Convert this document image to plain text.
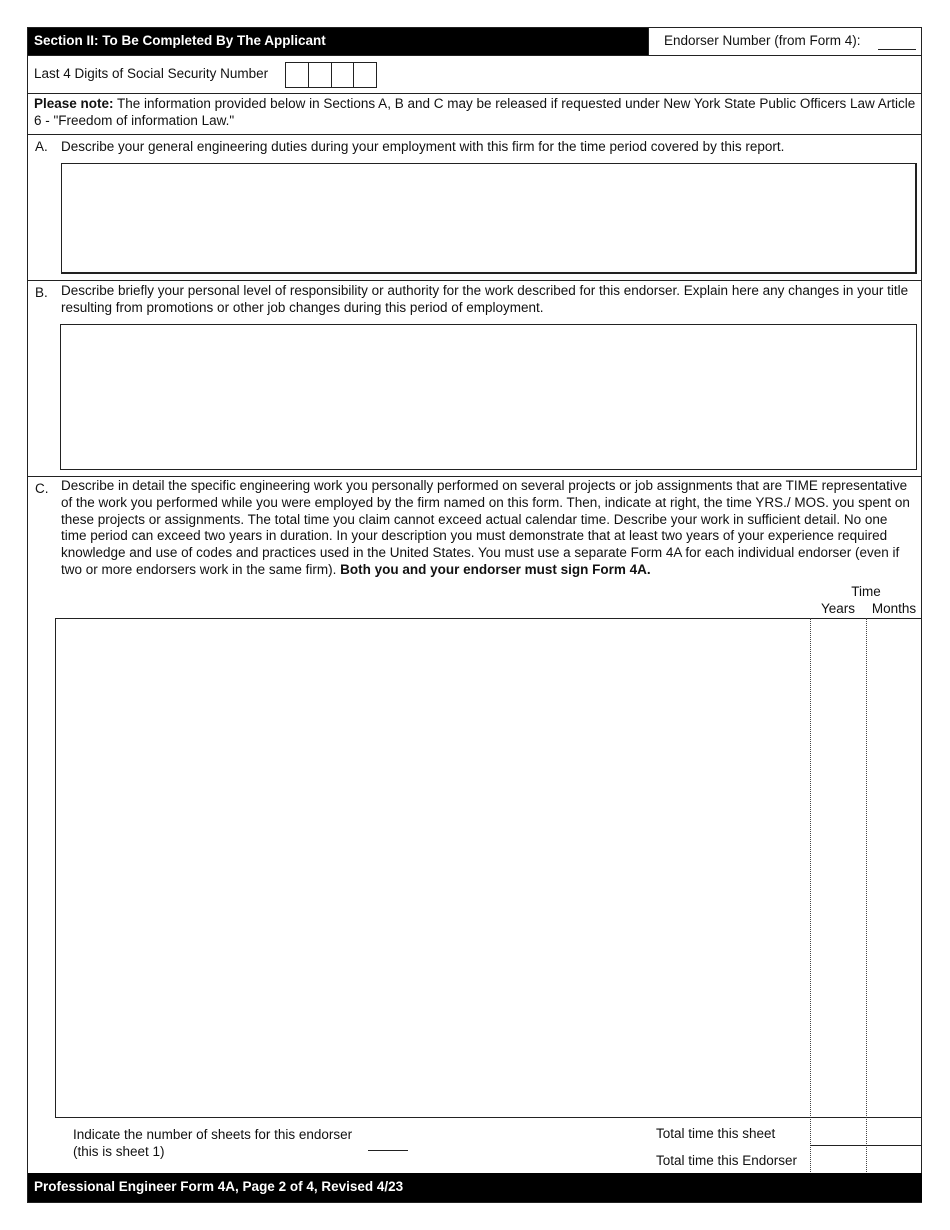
Section II: To Be Completed By The Applicant	Endorser Number (from Form 4):
Last 4 Digits of Social Security Number
Please note: The information provided below in Sections A, B and C may be released if requested under New York State Public Officers Law Article 6 - "Freedom of information Law."
A. Describe your general engineering duties during your employment with this firm for the time period covered by this report.
B. Describe briefly your personal level of responsibility or authority for the work described for this endorser. Explain here any changes in your title resulting from promotions or other job changes during this period of employment.
C. Describe in detail the specific engineering work you personally performed on several projects or job assignments that are TIME representative of the work you performed while you were employed by the firm named on this form. Then, indicate at right, the time YRS./ MOS. you spent on these projects or assignments. The total time you claim cannot exceed actual calendar time. Describe your work in sufficient detail. No one time period can exceed two years in duration. In your description you must demonstrate that at least two years of your experience required knowledge and use of codes and practices used in the United States. You must use a separate Form 4A for each individual endorser (even if two or more endorsers work in the same firm). Both you and your endorser must sign Form 4A.
Time
Years	Months
Indicate the number of sheets for this endorser
(this is sheet 1)
Total time this sheet
Total time this Endorser
Professional Engineer Form 4A, Page 2 of 4, Revised 4/23
